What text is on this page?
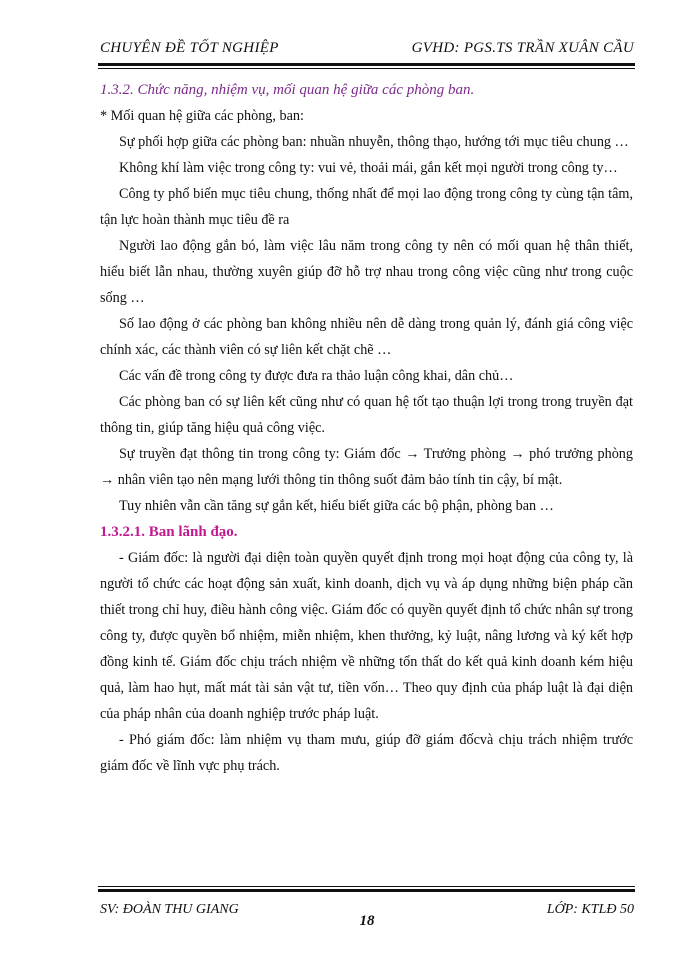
CHUYÊN ĐỀ TỐT NGHIỆP	GVHD: PGS.TS TRẦN XUÂN CẦU

1.3.2. Chức năng, nhiệm vụ, mối quan hệ giữa các phòng ban.

* Mối quan hệ giữa các phòng, ban:

Sự phối hợp giữa các phòng ban: nhuần nhuyễn, thông thạo, hướng tới mục tiêu chung …

Không khí làm việc trong công ty: vui vẻ, thoải mái, gắn kết mọi người trong công ty…

Công ty phổ biến mục tiêu chung, thống nhất để mọi lao động trong công ty cùng tận tâm, tận lực hoàn thành mục tiêu đề ra

Người lao động gắn bó, làm việc lâu năm trong công ty nên có mối quan hệ thân thiết, hiểu biết lẫn nhau, thường xuyên giúp đỡ hỗ trợ nhau trong công việc cũng như trong cuộc sống …

Số lao động ở các phòng ban không nhiều nên dễ dàng trong quản lý, đánh giá công việc chính xác, các thành viên có sự liên kết chặt chẽ …

Các vấn đề trong công ty được đưa ra thảo luận công khai, dân chủ…

Các phòng ban có sự liên kết cũng như có quan hệ tốt tạo thuận lợi trong trong truyền đạt thông tin, giúp tăng hiệu quả công việc.

Sự truyền đạt thông tin trong công ty: Giám đốc → Trưởng phòng → phó trưởng phòng → nhân viên tạo nên mạng lưới thông tin thông suốt đảm bảo tính tin cậy, bí mật.

Tuy nhiên vẫn cần tăng sự gắn kết, hiểu biết giữa các bộ phận, phòng ban …

1.3.2.1. Ban lãnh đạo.

- Giám đốc: là người đại diện toàn quyền quyết định trong mọi hoạt động của công ty, là người tổ chức các hoạt động sản xuất, kinh doanh, dịch vụ và áp dụng những biện pháp cần thiết trong chỉ huy, điều hành công việc. Giám đốc có quyền quyết định tổ chức nhân sự trong công ty, được quyền bổ nhiệm, miễn nhiệm, khen thưởng, kỷ luật, nâng lương và ký kết hợp đồng kinh tế. Giám đốc chịu trách nhiệm về những tổn thất do kết quả kinh doanh kém hiệu quả, làm hao hụt, mất mát tài sản vật tư, tiền vốn… Theo quy định của pháp luật là đại diện của pháp nhân của doanh nghiệp trước pháp luật.

- Phó giám đốc: làm nhiệm vụ tham mưu, giúp đỡ giám đốcvà chịu trách nhiệm trước giám đốc về lĩnh vực phụ trách.

SV: ĐOÀN THU GIANG
18
LỚP: KTLĐ 50
